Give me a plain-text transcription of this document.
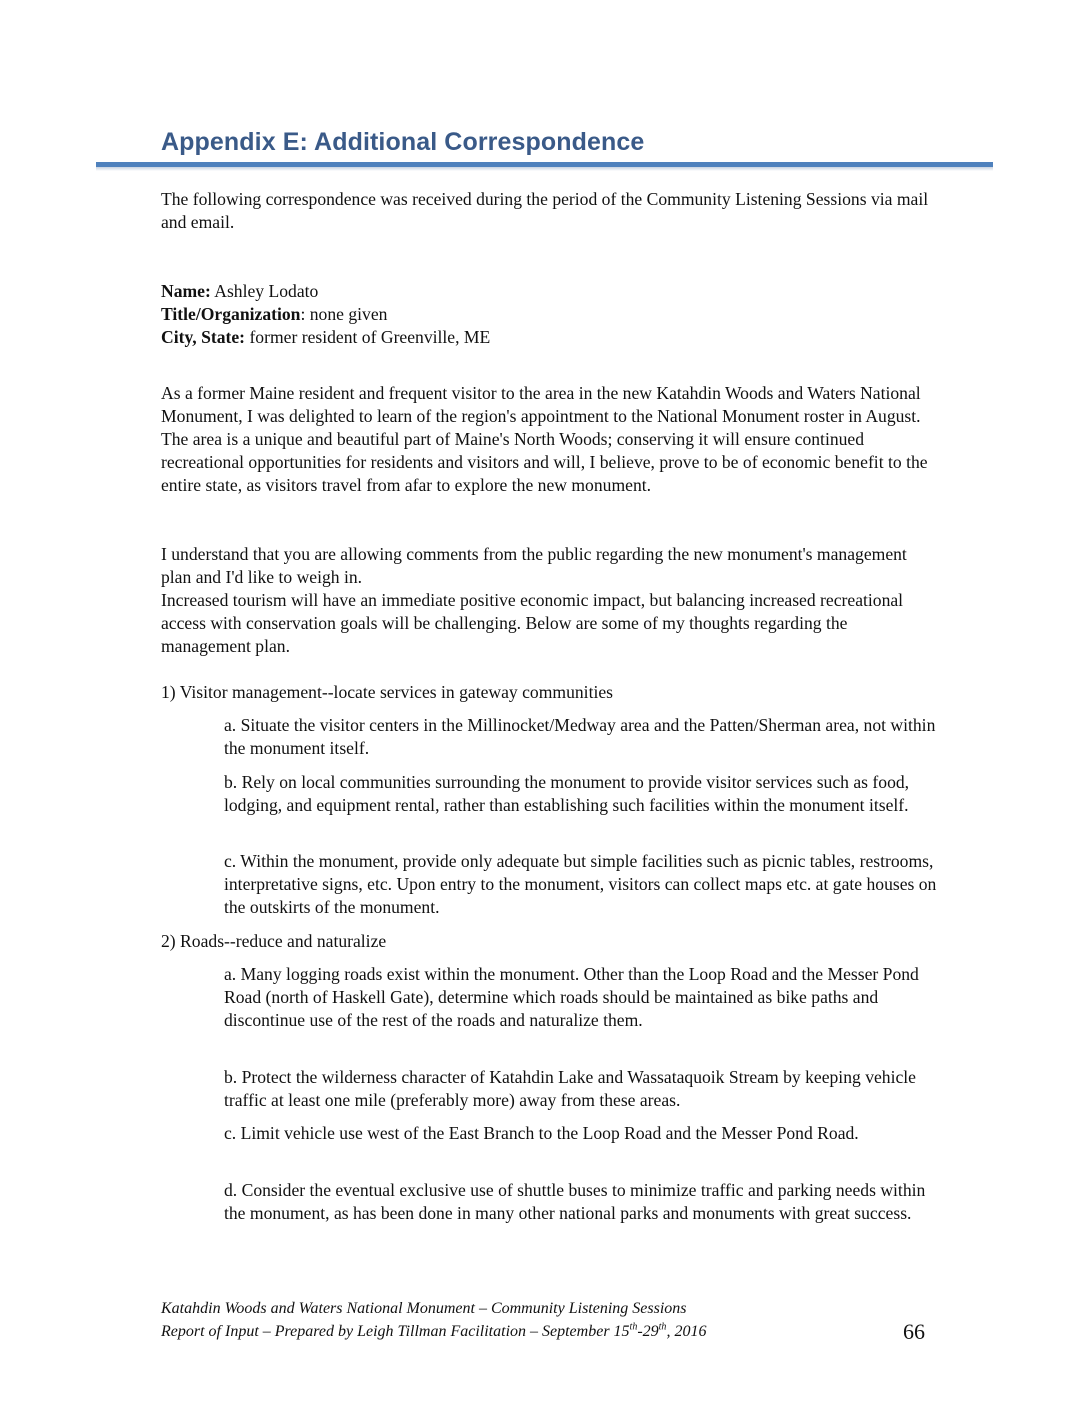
Appendix E: Additional Correspondence

The following correspondence was received during the period of the Community Listening Sessions via mail and email.

Name: Ashley Lodato

Title/Organization: none given

City, State: former resident of Greenville, ME

As a former Maine resident and frequent visitor to the area in the new Katahdin Woods and Waters National Monument, I was delighted to learn of the region's appointment to the National Monument roster in August. The area is a unique and beautiful part of Maine's North Woods; conserving it will ensure continued recreational opportunities for residents and visitors and will, I believe, prove to be of economic benefit to the entire state, as visitors travel from afar to explore the new monument.

I understand that you are allowing comments from the public regarding the new monument's management plan and I'd like to weigh in.

Increased tourism will have an immediate positive economic impact, but balancing increased recreational access with conservation goals will be challenging. Below are some of my thoughts regarding the management plan.

1) Visitor management--locate services in gateway communities

a. Situate the visitor centers in the Millinocket/Medway area and the Patten/Sherman area, not within the monument itself.

b. Rely on local communities surrounding the monument to provide visitor services such as food, lodging, and equipment rental, rather than establishing such facilities within the monument itself.

c. Within the monument, provide only adequate but simple facilities such as picnic tables, restrooms, interpretative signs, etc. Upon entry to the monument, visitors can collect maps etc. at gate houses on the outskirts of the monument.

2) Roads--reduce and naturalize

a. Many logging roads exist within the monument. Other than the Loop Road and the Messer Pond Road (north of Haskell Gate), determine which roads should be maintained as bike paths and discontinue use of the rest of the roads and naturalize them.

b. Protect the wilderness character of Katahdin Lake and Wassataquoik Stream by keeping vehicle traffic at least one mile (preferably more) away from these areas.

c. Limit vehicle use west of the East Branch to the Loop Road and the Messer Pond Road.

d. Consider the eventual exclusive use of shuttle buses to minimize traffic and parking needs within the monument, as has been done in many other national parks and monuments with great success.

Katahdin Woods and Waters National Monument – Community Listening Sessions

Report of Input – Prepared by Leigh Tillman Facilitation – September 15th-29th, 2016	66
